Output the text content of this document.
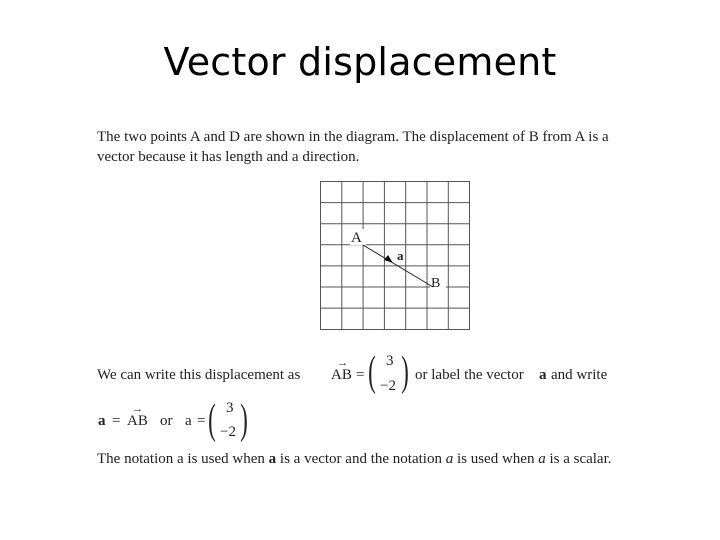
Vector displacement
The two points A and D are shown in the diagram. The displacement of B from A is a
vector because it has length and a direction.
A
B
a
We can write this displacement as
→
AB = ( 3
−2 ) or label the vector a and write
a =
→
AB or a = ( 3
−2 )
The notation a is used when a is a vector and the notation a is used when a is a scalar.
